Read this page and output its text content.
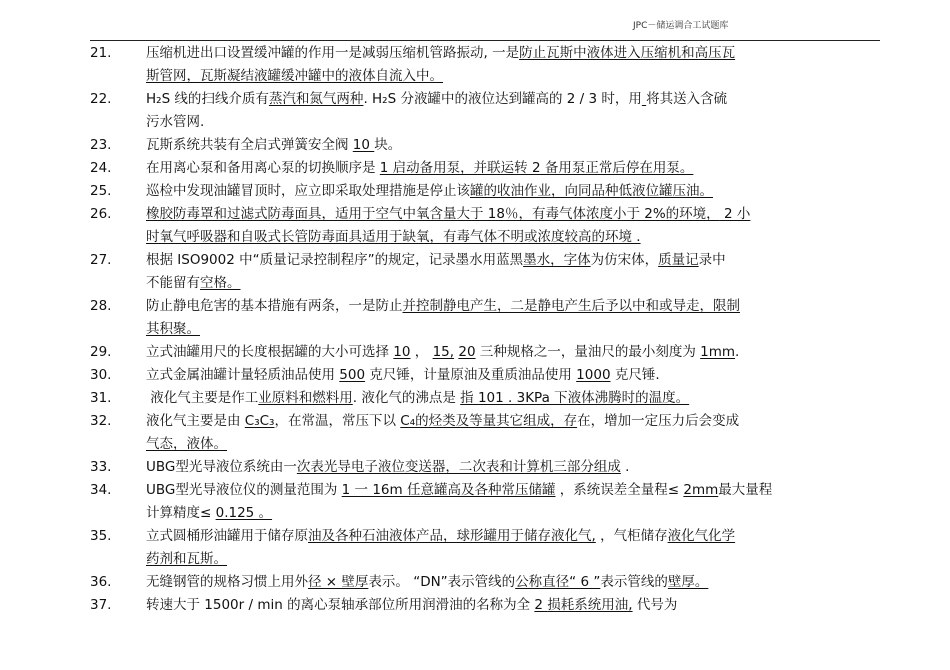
JPC－储运调合工试题库
21.	压缩机进出口设置缓冲罐的作用一是减弱压缩机管路振动, 一是防止瓦斯中液体进入压缩机和高压瓦
斯管网，瓦斯凝结液罐缓冲罐中的液体自流入中。
22.	H₂S 线的扫线介质有蒸汽和氮气两种. H₂S 分液罐中的液位达到罐高的 2 / 3 时，用 将其送入含硫
污水管网.
23.	瓦斯系统共装有全启式弹簧安全阀 10 块。
24.	在用离心泵和备用离心泵的切换顺序是 1 启动备用泵，并联运转 2 备用泵正常后停在用泵。
25.	巡检中发现油罐冒顶时，应立即采取处理措施是停止该罐的收油作业，向同品种低液位罐压油。
26.	橡胶防毒罩和过滤式防毒面具，适用于空气中氧含量大于 18％，有毒气体浓度小于 2%的环境， 2 小
时氧气呼吸器和自吸式长管防毒面具适用于缺氧，有毒气体不明或浓度较高的环境 .
27.	根据 ISO9002 中“质量记录控制程序”的规定，记录墨水用蓝黑墨水，字体为仿宋体，质量记录中
不能留有空格。
28.	防止静电危害的基本措施有两条，一是防止并控制静电产生，二是静电产生后予以中和或导走，限制
其积聚。
29.	立式油罐用尺的长度根据罐的大小可选择 10 ， 15, 20 三种规格之一，量油尺的最小刻度为 1mm.
30.	立式金属油罐计量轻质油品使用 500 克尺锤，计量原油及重质油品使用 1000 克尺锤.
31.	液化气主要是作工业原料和燃料用. 液化气的沸点是 指 101 . 3KPa 下液体沸腾时的温度。
32.	液化气主要是由 C₃C₃，在常温，常压下以 C₄的烃类及等量其它组成，存在，增加一定压力后会变成
气态，液体。
33.	UBG型光导液位系统由一次表光导电子液位变送器，二次表和计算机三部分组成 .
34.	UBG型光导液位仪的测量范围为 1 一 16m 任意罐高及各种常压储罐 ，系统误差全量程≤ 2mm最大量程
计算精度≤ 0.125 。
35.	立式圆桶形油罐用于储存原油及各种石油液体产品，球形罐用于储存液化气, ，气柜储存液化气化学
药剂和瓦斯。
36.	无缝钢管的规格习惯上用外径 × 壁厚表示。 “DN”表示管线的公称直径“ 6 ”表示管线的壁厚。
37.	转速大于 1500r / min 的离心泵轴承部位所用润滑油的名称为全 2 损耗系统用油, 代号为
